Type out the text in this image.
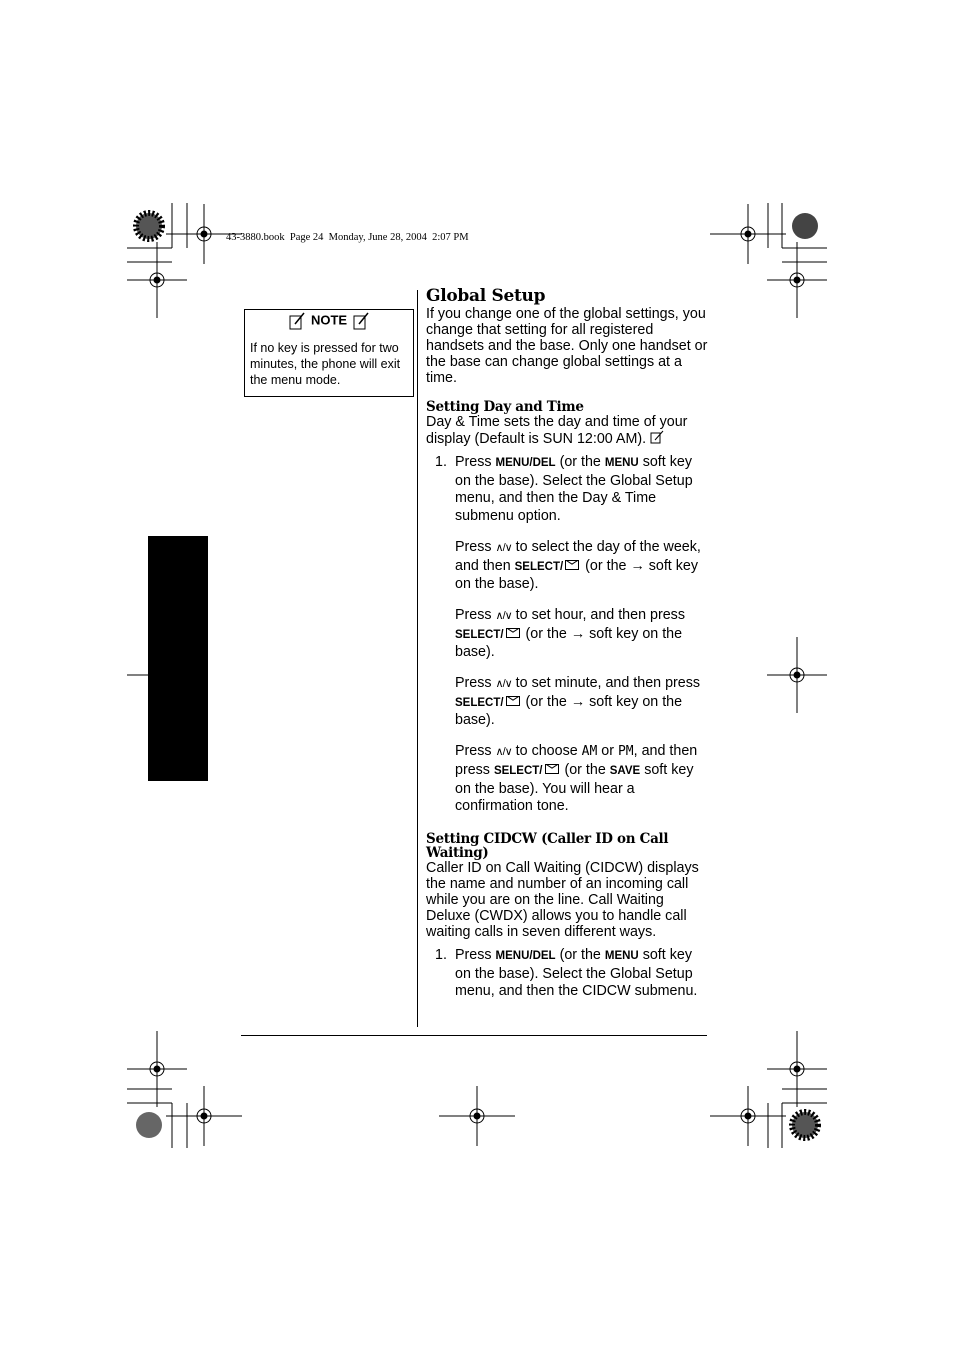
43-3880.book  Page 24  Monday, June 28, 2004  2:07 PM
NOTE
If no key is pressed for two minutes, the phone will exit the menu mode.
Global Setup

If you change one of the global settings, you change that setting for all registered handsets and the base. Only one handset or the base can change global settings at a time.

Setting Day and Time

Day & Time sets the day and time of your display (Default is SUN 12:00 AM).

1. Press MENU/DEL (or the MENU soft key on the base). Select the Global Setup menu, and then the Day & Time submenu option.
Press ∧/∨ to select the day of the week, and then SELECT/ (or the → soft key on the base).
Press ∧/∨ to set hour, and then press SELECT/ (or the → soft key on the base).
Press ∧/∨ to set minute, and then press SELECT/ (or the → soft key on the base).
Press ∧/∨ to choose AM or PM, and then press SELECT/ (or the SAVE soft key on the base). You will hear a confirmation tone.
Setting CIDCW (Caller ID on Call Waiting)

Caller ID on Call Waiting (CIDCW) displays the name and number of an incoming call while you are on the line. Call Waiting Deluxe (CWDX) allows you to handle call waiting calls in seven different ways.

1. Press MENU/DEL (or the MENU soft key on the base). Select the Global Setup menu, and then the CIDCW submenu.
